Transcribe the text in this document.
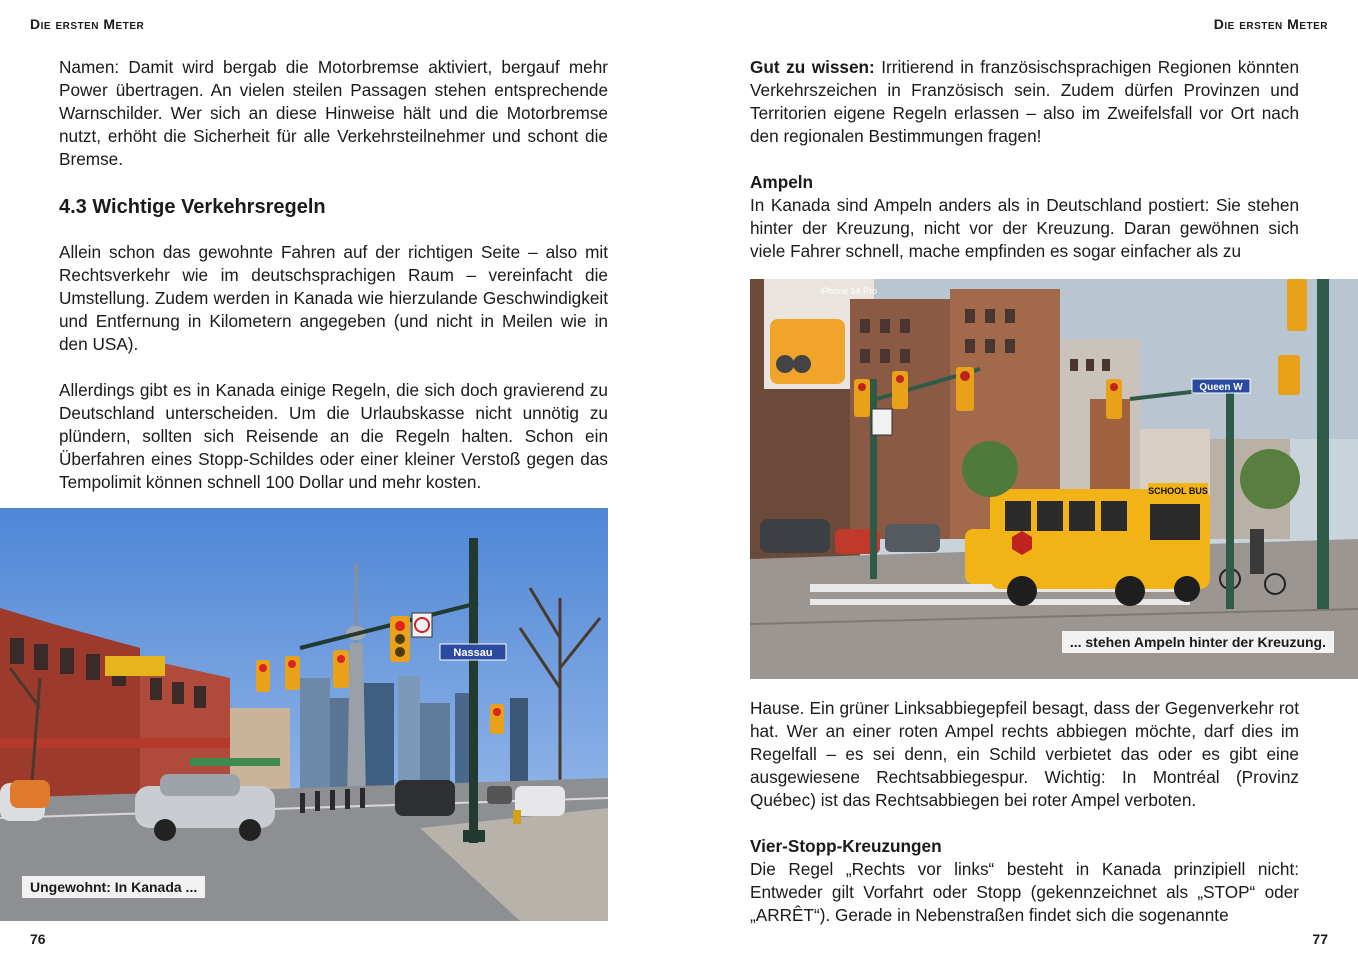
Die ersten Meter

Namen: Damit wird bergab die Motorbremse aktiviert, bergauf mehr Power übertragen. An vielen steilen Passagen stehen entsprechende Warnschilder. Wer sich an diese Hinweise hält und die Motorbremse nutzt, erhöht die Sicherheit für alle Verkehrsteilnehmer und schont die Bremse.

4.3 Wichtige Verkehrsregeln

Allein schon das gewohnte Fahren auf der richtigen Seite – also mit Rechtsverkehr wie im deutschsprachigen Raum – vereinfacht die Umstellung. Zudem werden in Kanada wie hierzulande Geschwindigkeit und Entfernung in Kilometern angegeben (und nicht in Meilen wie in den USA).

Allerdings gibt es in Kanada einige Regeln, die sich doch gravierend zu Deutschland unterscheiden. Um die Urlaubskasse nicht unnötig zu plündern, sollten sich Reisende an die Regeln halten. Schon ein Überfahren eines Stopp-Schildes oder einer kleiner Verstoß gegen das Tempolimit können schnell 100 Dollar und mehr kosten.

Nassau
Ungewohnt: In Kanada ...
76
Die ersten Meter

Gut zu wissen: Irritierend in französischsprachigen Regionen könnten Verkehrszeichen in Französisch sein. Zudem dürfen Provinzen und Territorien eigene Regeln erlassen – also im Zweifelsfall vor Ort nach den regionalen Bestimmungen fragen!

Ampeln

In Kanada sind Ampeln anders als in Deutschland postiert: Sie stehen hinter der Kreuzung, nicht vor der Kreuzung. Daran gewöhnen sich viele Fahrer schnell, mache empfinden es sogar einfacher als zu

iPhone 14 Pro
SCHOOL BUS
Queen W
... stehen Ampeln hinter der Kreuzung.

Hause. Ein grüner Linksabbiegepfeil besagt, dass der Gegenverkehr rot hat. Wer an einer roten Ampel rechts abbiegen möchte, darf dies im Regelfall – es sei denn, ein Schild verbietet das oder es gibt eine ausgewiesene Rechtsabbiegespur. Wichtig: In Montréal (Provinz Québec) ist das Rechtsabbiegen bei roter Ampel verboten.

Vier-Stopp-Kreuzungen

Die Regel „Rechts vor links“ besteht in Kanada prinzipiell nicht: Entweder gilt Vorfahrt oder Stopp (gekennzeichnet als „STOP“ oder „ARRÊT“). Gerade in Nebenstraßen findet sich die sogenannte

77
